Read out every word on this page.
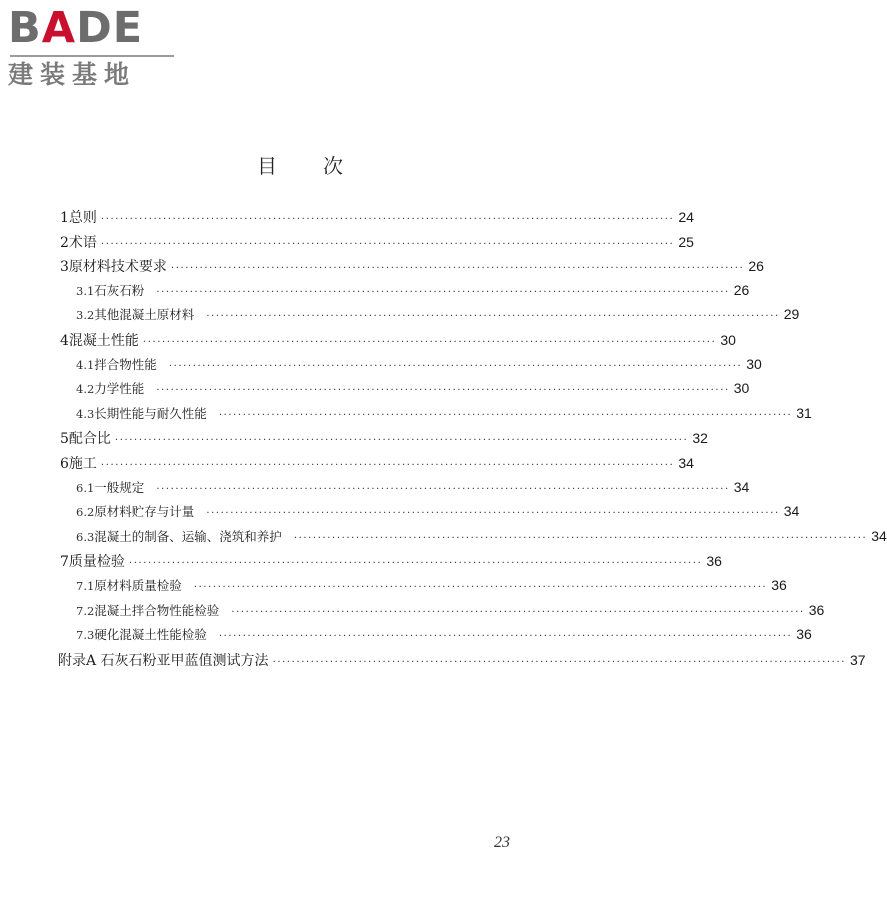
BADE
建装基地
目次
1 总则 ························································································································ 24
2 术语 ························································································································ 25
3 原材料技术要求 ························································································································ 26
3.1 石灰石粉 ························································································································ 26
3.2 其他混凝土原材料 ························································································································ 29
4 混凝土性能 ························································································································ 30
4.1 拌合物性能 ························································································································ 30
4.2 力学性能 ························································································································ 30
4.3 长期性能与耐久性能 ························································································································ 31
5 配合比 ························································································································ 32
6 施工 ························································································································ 34
6.1 一般规定 ························································································································ 34
6.2 原材料贮存与计量 ························································································································ 34
6.3 混凝土的制备、运输、浇筑和养护 ························································································································ 34
7 质量检验 ························································································································ 36
7.1 原材料质量检验 ························································································································ 36
7.2 混凝土拌合物性能检验 ························································································································ 36
7.3 硬化混凝土性能检验 ························································································································ 36
附录A 石灰石粉亚甲蓝值测试方法 ························································································································ 37
23
